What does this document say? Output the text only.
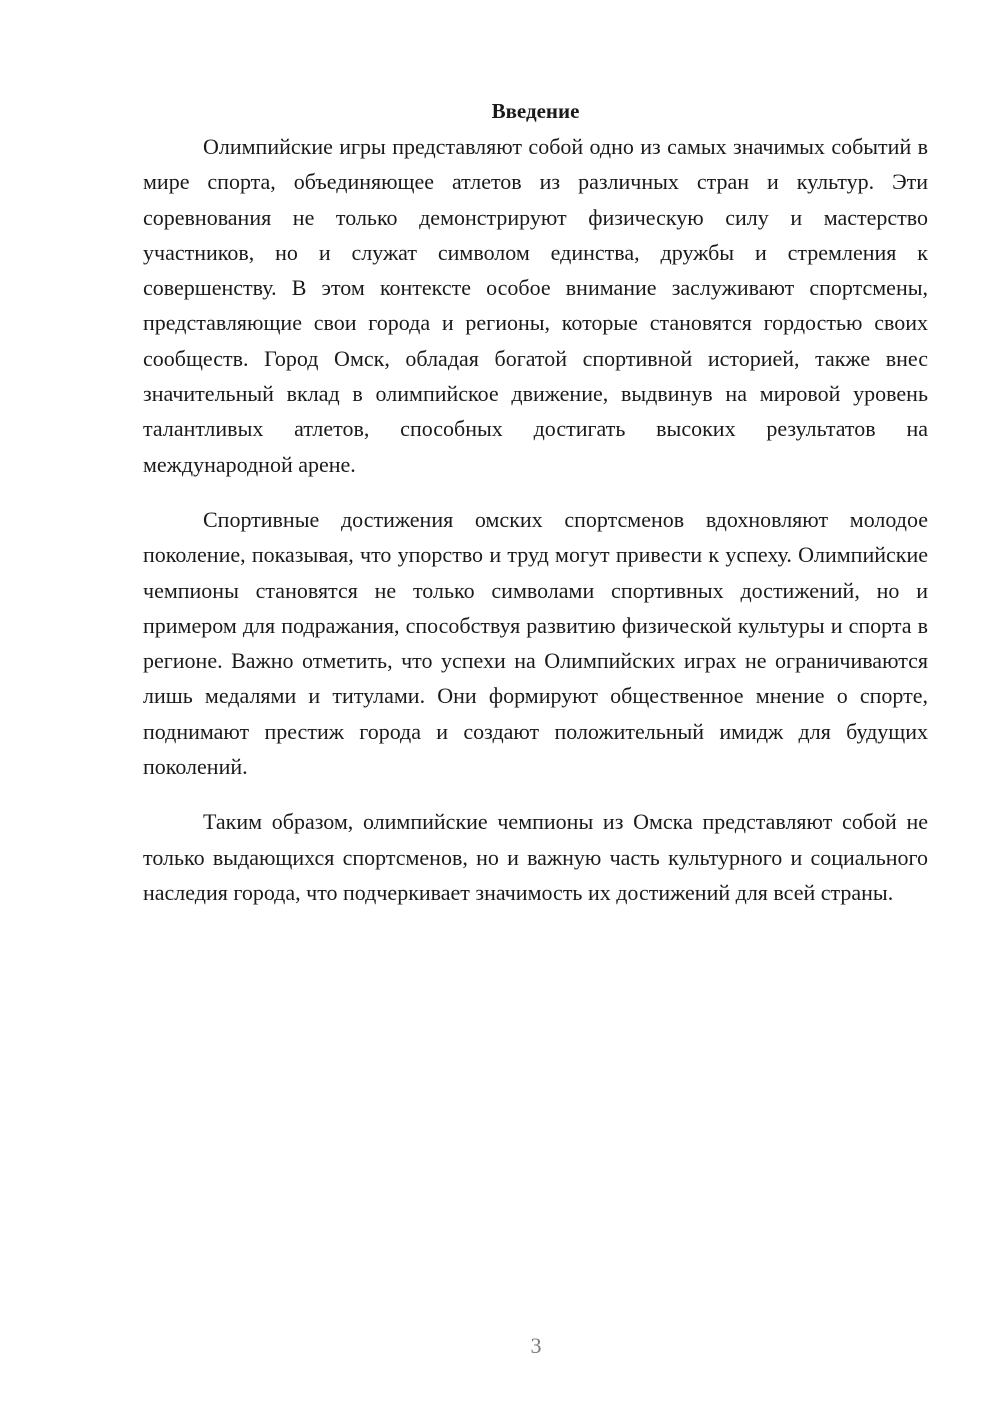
Введение

Олимпийские игры представляют собой одно из самых значимых событий в мире спорта, объединяющее атлетов из различных стран и культур. Эти соревнования не только демонстрируют физическую силу и мастерство участников, но и служат символом единства, дружбы и стремления к совершенству. В этом контексте особое внимание заслуживают спортсмены, представляющие свои города и регионы, которые становятся гордостью своих сообществ. Город Омск, обладая богатой спортивной историей, также внес значительный вклад в олимпийское движение, выдвинув на мировой уровень талантливых атлетов, способных достигать высоких результатов на международной арене.

Спортивные достижения омских спортсменов вдохновляют молодое поколение, показывая, что упорство и труд могут привести к успеху. Олимпийские чемпионы становятся не только символами спортивных достижений, но и примером для подражания, способствуя развитию физической культуры и спорта в регионе. Важно отметить, что успехи на Олимпийских играх не ограничиваются лишь медалями и титулами. Они формируют общественное мнение о спорте, поднимают престиж города и создают положительный имидж для будущих поколений.

Таким образом, олимпийские чемпионы из Омска представляют собой не только выдающихся спортсменов, но и важную часть культурного и социального наследия города, что подчеркивает значимость их достижений для всей страны.

3
